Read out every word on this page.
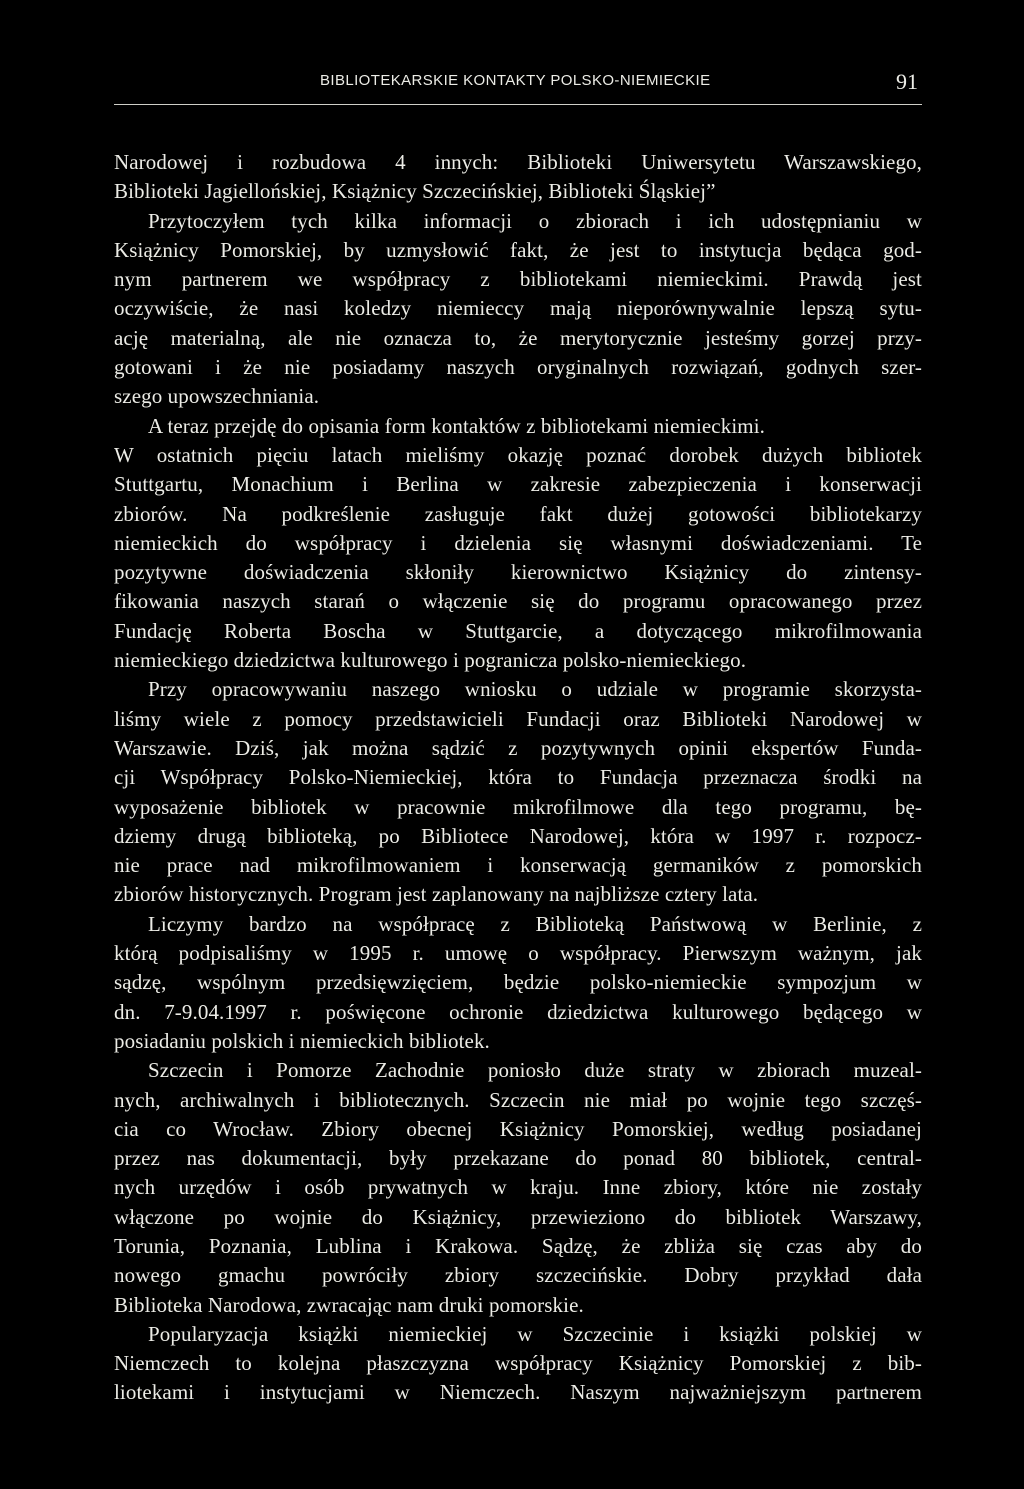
BIBLIOTEKARSKIE KONTAKTY POLSKO-NIEMIECKIE	91
Narodowej i rozbudowa 4 innych: Biblioteki Uniwersytetu Warszawskiego,
Biblioteki Jagiellońskiej, Książnicy Szczecińskiej, Biblioteki Śląskiej”
Przytoczyłem tych kilka informacji o zbiorach i ich udostępnianiu w
Książnicy Pomorskiej, by uzmysłowić fakt, że jest to instytucja będąca god-
nym partnerem we współpracy z bibliotekami niemieckimi. Prawdą jest
oczywiście, że nasi koledzy niemieccy mają nieporównywalnie lepszą sytu-
ację materialną, ale nie oznacza to, że merytorycznie jesteśmy gorzej przy-
gotowani i że nie posiadamy naszych oryginalnych rozwiązań, godnych szer-
szego upowszechniania.
A teraz przejdę do opisania form kontaktów z bibliotekami niemieckimi.
W ostatnich pięciu latach mieliśmy okazję poznać dorobek dużych bibliotek
Stuttgartu, Monachium i Berlina w zakresie zabezpieczenia i konserwacji
zbiorów. Na podkreślenie zasługuje fakt dużej gotowości bibliotekarzy
niemieckich do współpracy i dzielenia się własnymi doświadczeniami. Te
pozytywne doświadczenia skłoniły kierownictwo Książnicy do zintensy-
fikowania naszych starań o włączenie się do programu opracowanego przez
Fundację Roberta Boscha w Stuttgarcie, a dotyczącego mikrofilmowania
niemieckiego dziedzictwa kulturowego i pogranicza polsko-niemieckiego.
Przy opracowywaniu naszego wniosku o udziale w programie skorzysta-
liśmy wiele z pomocy przedstawicieli Fundacji oraz Biblioteki Narodowej w
Warszawie. Dziś, jak można sądzić z pozytywnych opinii ekspertów Funda-
cji Współpracy Polsko-Niemieckiej, która to Fundacja przeznacza środki na
wyposażenie bibliotek w pracownie mikrofilmowe dla tego programu, bę-
dziemy drugą biblioteką, po Bibliotece Narodowej, która w 1997 r. rozpocz-
nie prace nad mikrofilmowaniem i konserwacją germaników z pomorskich
zbiorów historycznych. Program jest zaplanowany na najbliższe cztery lata.
Liczymy bardzo na współpracę z Biblioteką Państwową w Berlinie, z
którą podpisaliśmy w 1995 r. umowę o współpracy. Pierwszym ważnym, jak
sądzę, wspólnym przedsięwzięciem, będzie polsko-niemieckie sympozjum w
dn. 7-9.04.1997 r. poświęcone ochronie dziedzictwa kulturowego będącego w
posiadaniu polskich i niemieckich bibliotek.
Szczecin i Pomorze Zachodnie poniosło duże straty w zbiorach muzeal-
nych, archiwalnych i bibliotecznych. Szczecin nie miał po wojnie tego szczęś-
cia co Wrocław. Zbiory obecnej Książnicy Pomorskiej, według posiadanej
przez nas dokumentacji, były przekazane do ponad 80 bibliotek, central-
nych urzędów i osób prywatnych w kraju. Inne zbiory, które nie zostały
włączone po wojnie do Książnicy, przewieziono do bibliotek Warszawy,
Torunia, Poznania, Lublina i Krakowa. Sądzę, że zbliża się czas aby do
nowego gmachu powróciły zbiory szczecińskie. Dobry przykład dała
Biblioteka Narodowa, zwracając nam druki pomorskie.
Popularyzacja książki niemieckiej w Szczecinie i książki polskiej w
Niemczech to kolejna płaszczyzna współpracy Książnicy Pomorskiej z bib-
liotekami i instytucjami w Niemczech. Naszym najważniejszym partnerem
